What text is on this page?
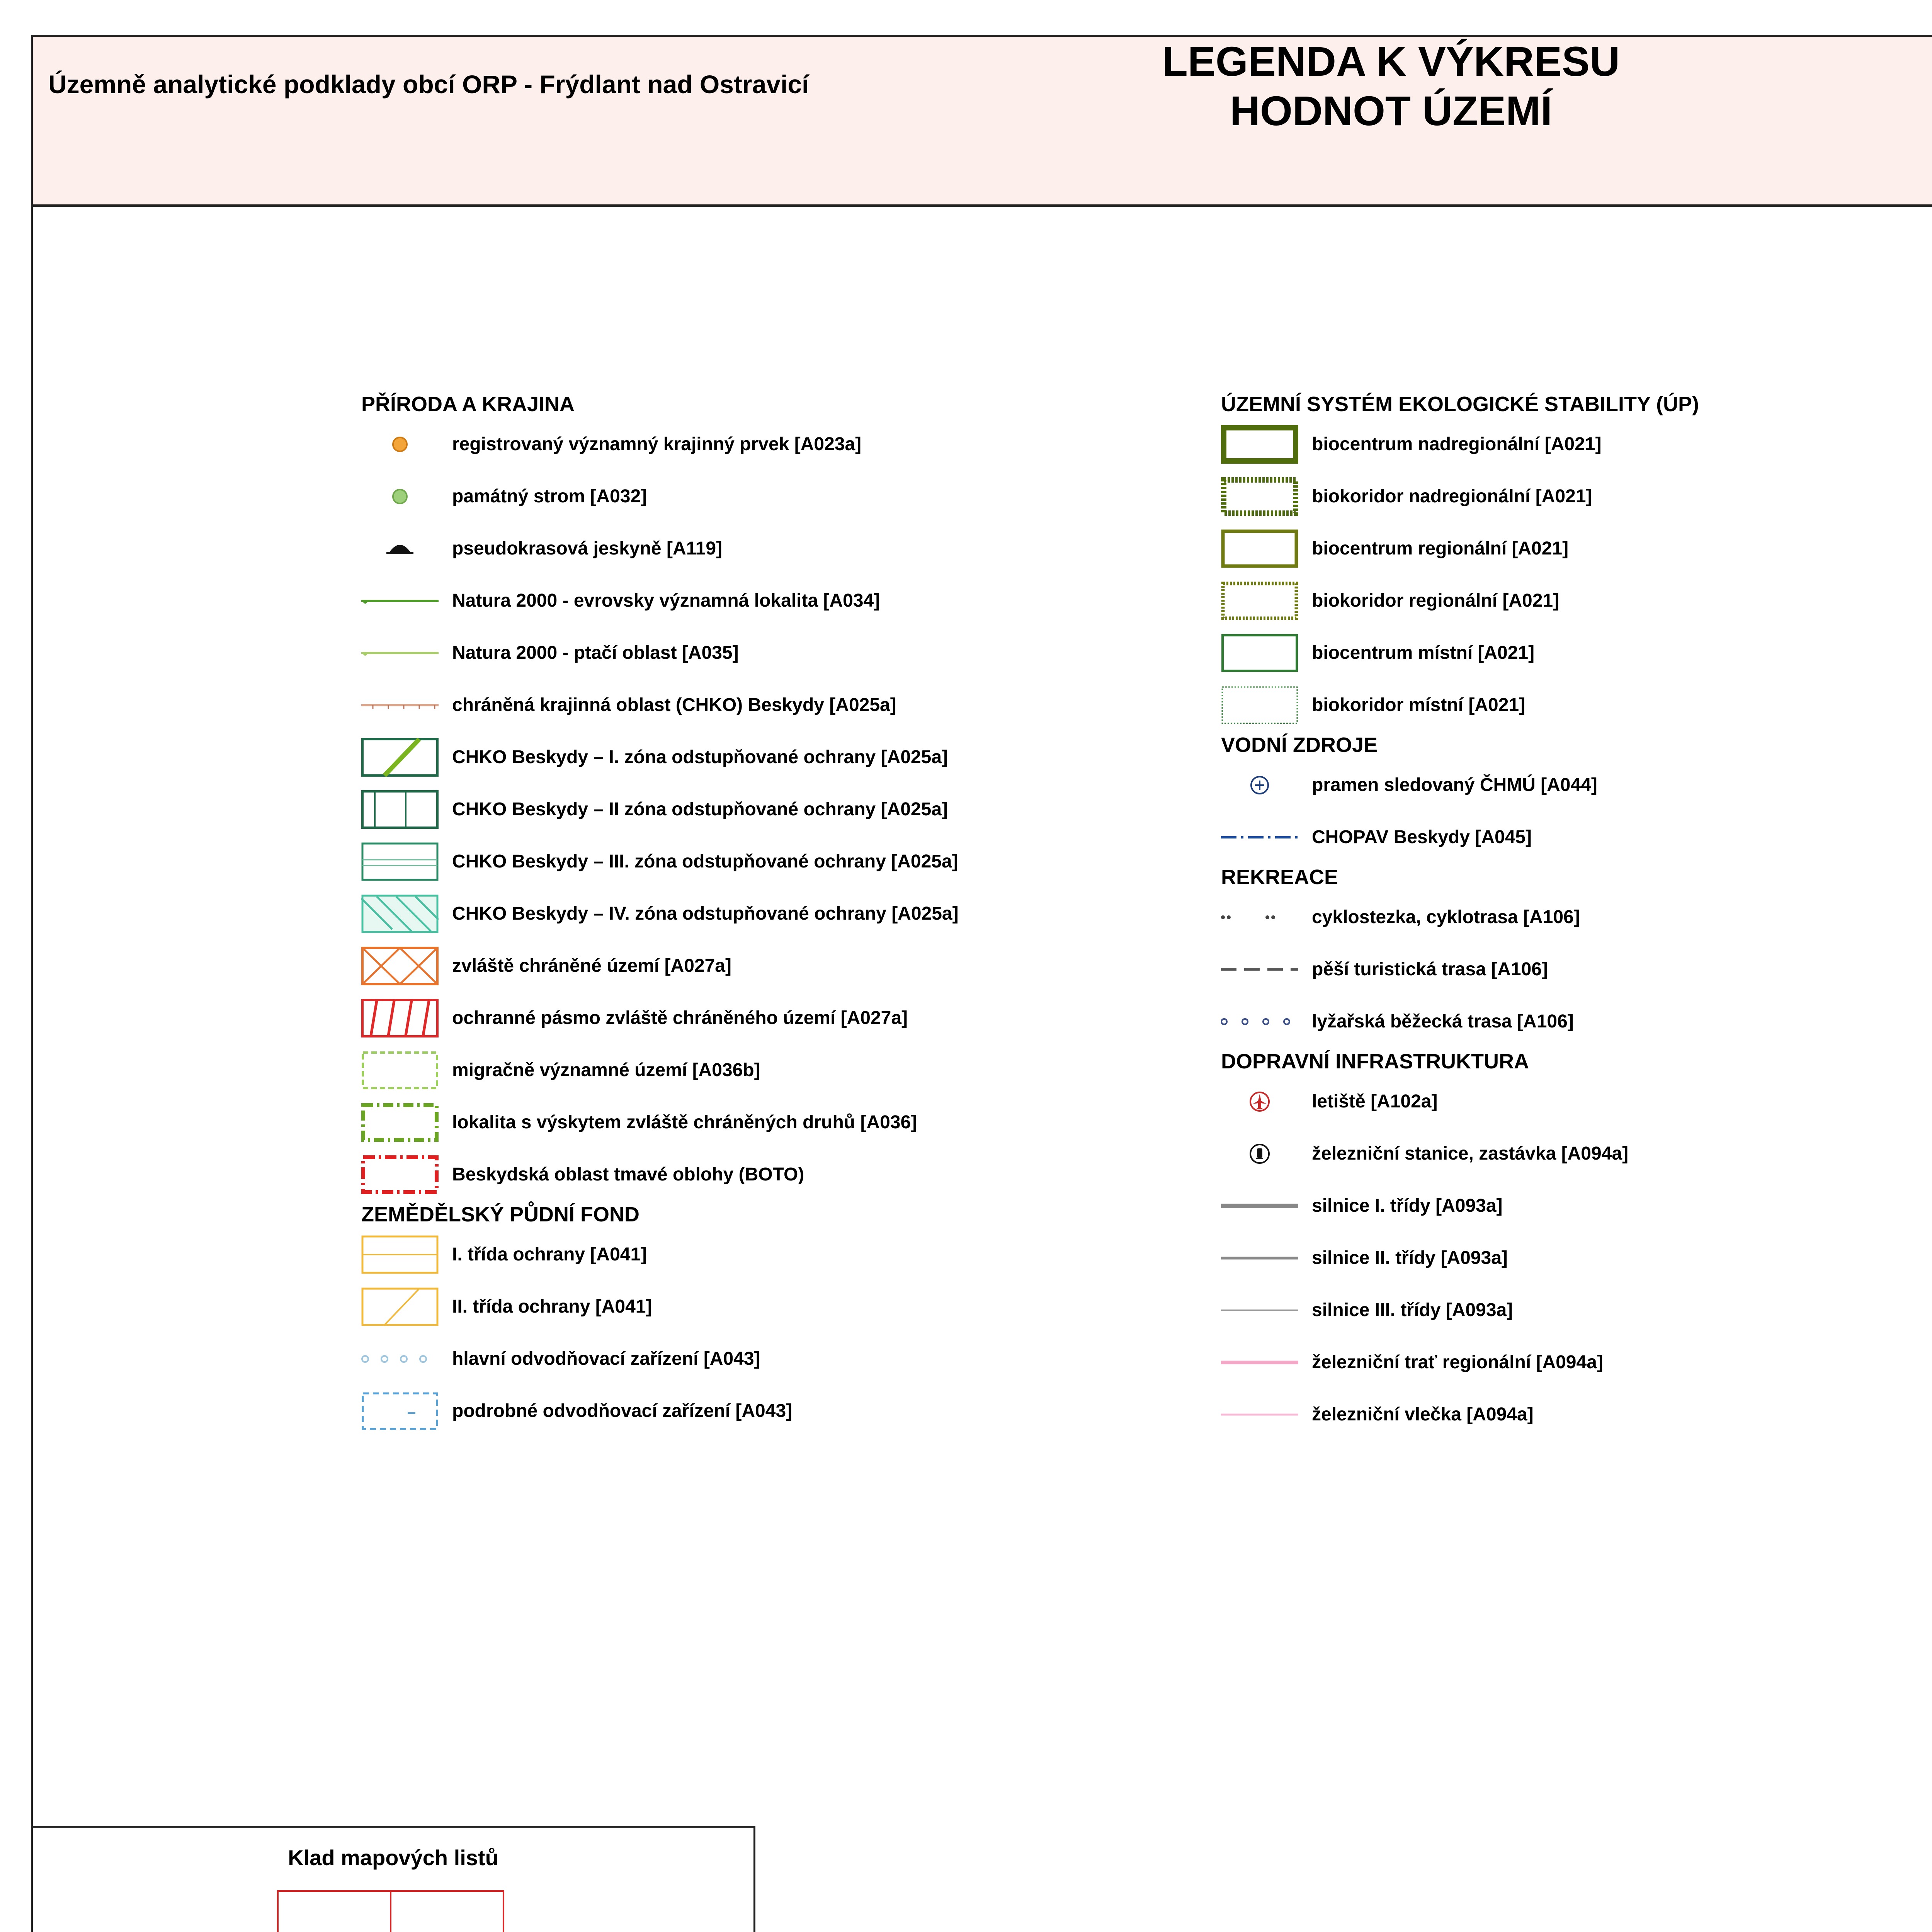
Územně analytické podklady obcí ORP - Frýdlant nad Ostravicí	LEGENDA K VÝKRESU
HODNOT ÚZEMÍ
PŘÍRODA A KRAJINA
registrovaný významný krajinný prvek [A023a]
památný strom [A032]
pseudokrasová jeskyně [A119]
Natura 2000 - evrovsky významná lokalita [A034]
Natura 2000 - ptačí oblast [A035]
chráněná krajinná oblast (CHKO) Beskydy [A025a]
CHKO Beskydy – I. zóna odstupňované ochrany [A025a]
CHKO Beskydy – II zóna odstupňované ochrany [A025a]
CHKO Beskydy – III. zóna odstupňované ochrany [A025a]
CHKO Beskydy – IV. zóna odstupňované ochrany [A025a]
zvláště chráněné území [A027a]
ochranné pásmo zvláště chráněného území [A027a]
migračně významné území [A036b]
lokalita s výskytem zvláště chráněných druhů [A036]
Beskydská oblast tmavé oblohy (BOTO)
ZEMĚDĚLSKÝ PŮDNÍ FOND
I. třída ochrany [A041]
II. třída ochrany [A041]
hlavní odvodňovací zařízení [A043]
podrobné odvodňovací zařízení [A043]
ÚZEMNÍ SYSTÉM EKOLOGICKÉ STABILITY (ÚP)
biocentrum nadregionální [A021]
biokoridor nadregionální [A021]
biocentrum regionální [A021]
biokoridor regionální [A021]
biocentrum místní [A021]
biokoridor místní [A021]
VODNÍ ZDROJE
pramen sledovaný ČHMÚ [A044]
CHOPAV Beskydy [A045]
REKREACE
cyklostezka, cyklotrasa [A106]
pěší turistická trasa [A106]
lyžařská běžecká trasa [A106]
DOPRAVNÍ INFRASTRUKTURA
letiště [A102a]
železniční stanice, zastávka [A094a]
silnice I. třídy [A093a]
silnice II. třídy [A093a]
silnice III. třídy [A093a]
železniční trať regionální [A094a]
železniční vlečka [A094a]
Klad mapových listů
